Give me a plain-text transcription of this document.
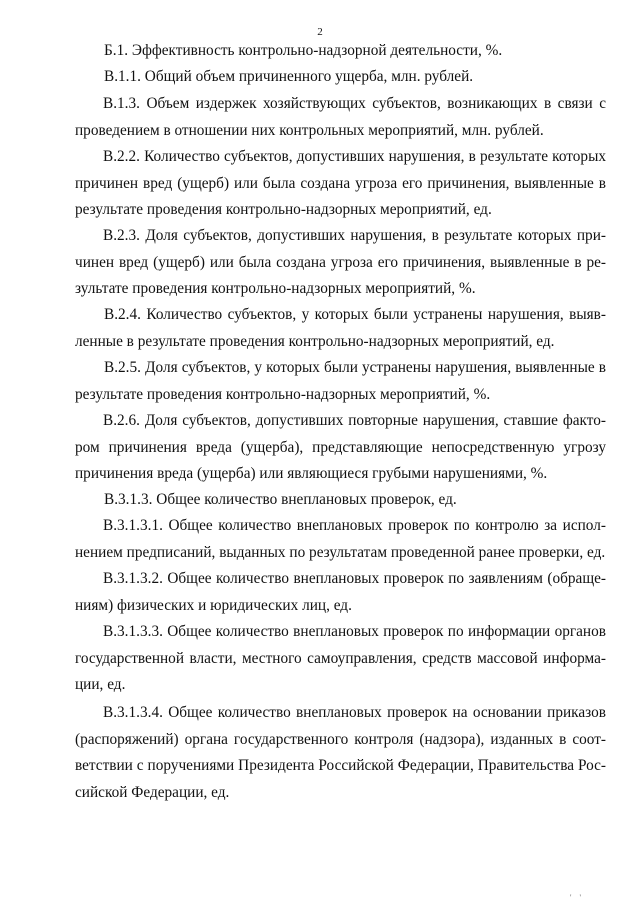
2

Б.1. Эффективность контрольно-надзорной деятельности, %.

В.1.1. Общий объем причиненного ущерба, млн. рублей.

В.1.3. Объем издержек хозяйствующих субъектов, возникающих в связи с проведением в отношении них контрольных мероприятий, млн. рублей.

В.2.2. Количество субъектов, допустивших нарушения, в результате которых причинен вред (ущерб) или была создана угроза его причинения, выявленные в результате проведения контрольно-надзорных мероприятий, ед.

В.2.3. Доля субъектов, допустивших нарушения, в результате которых причинен вред (ущерб) или была создана угроза его причинения, выявленные в результате проведения контрольно-надзорных мероприятий, %.

В.2.4. Количество субъектов, у которых были устранены нарушения, выявленные в результате проведения контрольно-надзорных мероприятий, ед.

В.2.5. Доля субъектов, у которых были устранены нарушения, выявленные в результате проведения контрольно-надзорных мероприятий, %.

В.2.6. Доля субъектов, допустивших повторные нарушения, ставшие фактором причинения вреда (ущерба), представляющие непосредственную угрозу причинения вреда (ущерба) или являющиеся грубыми нарушениями, %.

В.3.1.3. Общее количество внеплановых проверок, ед.

В.3.1.3.1. Общее количество внеплановых проверок по контролю за исполнением предписаний, выданных по результатам проведенной ранее проверки, ед.

В.3.1.3.2. Общее количество внеплановых проверок по заявлениям (обращениям) физических и юридических лиц, ед.

В.3.1.3.3. Общее количество внеплановых проверок по информации органов государственной власти, местного самоуправления, средств массовой информации, ед.

В.3.1.3.4. Общее количество внеплановых проверок на основании приказов (распоряжений) органа государственного контроля (надзора), изданных в соответствии с поручениями Президента Российской Федерации, Правительства Российской Федерации, ед.

' '
